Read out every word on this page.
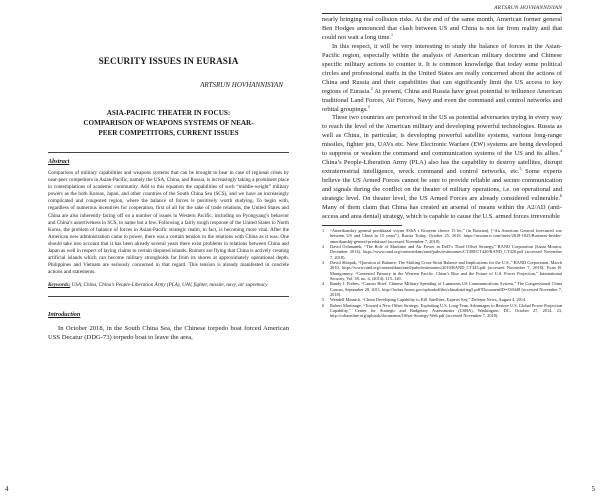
SECURITY ISSUES IN EURASIA
ARTSRUN HOVHANNISYAN
ASIA-PACIFIC THEATER IN FOCUS:
COMPARISON OF WEAPONS SYSTEMS OF NEAR-
PEER COMPETITORS, CURRENT ISSUES
Abstract
Comparison of military capabilities and weapons systems that can be brought to bear in case of regional crises by near-peer competitors in Asian-Pacific, namely the USA, China, and Russia, is increasingly taking a prominent place in contemplations of academic community. Add to this equation the capabilities of such “middle-weight” military powers as the both Koreas, Japan, and other countries of the South China Sea (SCS), and we have an increasingly complicated and congested region, where the balance of forces is positively worth studying. To begin with, regardless of numerous incentives for cooperation, first of all for the sake of trade relations, the United States and China are also inherently facing off on a number of issues in Western Pacific, including on Pyongyang’s behavior and China’s assertiveness in SCS, to name but a few. Following a fairly tough response of the United States to North Korea, the problem of balance of forces in Asian-Pacific strategic realm, in fact, is becoming more vital. After the American new administration came to power, there was a certain tension in the relations with China as it was. One should take into account that it has been already several years there exist problems in relations between China and Japan as well in respect of laying claims to certain disputed islands. Rumors are flying that China is actively creating artificial islands which can become military strongholds far from its shores at approximately operational depth. Philippines and Vietnam are seriously concerned in that regard. This tension is already manifested in concrete actions and statements.
Keywords: USA, China, China’s People-Liberation Army (PLA), UAV, fighter, missile, navy, air supremacy
Introduction
In October 2018, in the South China Sea, the Chinese torpedo boat forced American USS Decatur (DDG-73) torpedo boat to leave the area,
4
ARTSRUN HOVHANNISYAN

nearly bringing real collision risks. At the end of the same month, American former general Ben Hodges announced that clash between US and China is not far from reality and that could not wait a long time.$^1$

In this respect, it will be very interesting to study the balance of forces in the Asian-Pacific region, especially within the analysis of American military doctrine and Chinese specific military actions to counter it. It is common knowledge that today some political circles and professional staffs in the United States are really concerned about the actions of China and Russia and their capabilities that can significantly limit the US access to key regions of Eurasia.$^2$ At present, China and Russia have great potential to influence American traditional Land Forces, Air Forces, Navy and even the command and control networks and orbital groupings.$^3$

These two countries are perceived in the US as potential adversaries trying in every way to reach the level of the American military and developing powerful technologies. Russia as well as China, in particular, is developing powerful satellite systems, various long-range missiles, fighter jets, UAVs etc. New Electronic Warfare (EW) systems are being developed to suppress or weaken the command and communication systems of the US and its allies.$^4$ China’s People-Liberation Army (PLA) also has the capability to destroy satellites, disrupt extraterrestrial intelligence, wreck command and control networks, etc.$^5$ Some experts believe the US Armed Forces cannot be sure to provide reliable and secure communication and signals during the conflict on the theater of military operations, i.e. on operational and strategic level. On theater level, the US Armed Forces are already considered vulnerable.$^6$ Many of them claim that China has created an arsenal of means within the A2/AD (anti-access and area denial) strategy, which is capable to cause the U.S. armed forces irreversible

1 “Amerikanskiy general predskazal voynu SShA s Kitayem cherez 15 let,” (in Russian), [“An American General forecasted war between US and China in 15 years”], Russia Today, October 25, 2018, https://russian.rt.com/inotv/2018-1025/Business-Insider-amerikanskij-general-predskazal (accessed November 7, 2018).

2 David Ochmanek, “The Role of Maritime and Air Power in DoD’s Third Offset Strategy,” RAND Corporation (Santa Monica, December 2014), https://www.rand.org/content/dam/rand/pubs/testimonies/CT400/CT420/RAND_CT420.pdf (accessed November 7, 2018).

3 David Shlapak, “Question of Balance: The Shifting Cross-Strait Balance and Implications for the U.S.,” RAND Corporation, March 2010, https://www.rand.org/content/dam/rand/pubs/testimonies/2010/RAND_CT343.pdf (accessed November 7, 2018); Evan B. Montgomery, “Contested Primacy in the Western Pacific: China’s Rise and the Future of U.S. Power Projection,” International Security, Vol. 38, no. 4, (2014): 115–149.

4 Randy J. Forbes, “Caucus Brief: Chinese Military Spending of Luminous US Communications System,” The Congressional China Caucus, September 28, 2011, http://forbes.house.gov/uploadedfiles/chinabriefing5.pdf?DocumentID=330448 (accessed November 7, 2018).

5 Wendell Minnick, “China Developing Capability to Kill Satellites, Experts Say,” Defense News, August 4, 2014.

6 Robert Martinage, “Toward a New Offset Strategy: Exploiting U.S. Long-Term Advantages to Restore U.S. Global Power Projection Capability,” Center for Strategic and Budgetary Assessments (CSBA), Washington, DC, October 27, 2014, 23, http://csbaonline.org/uploads/documents/Offset-Strategy-Web.pdf (accessed November 7, 2018).

5
